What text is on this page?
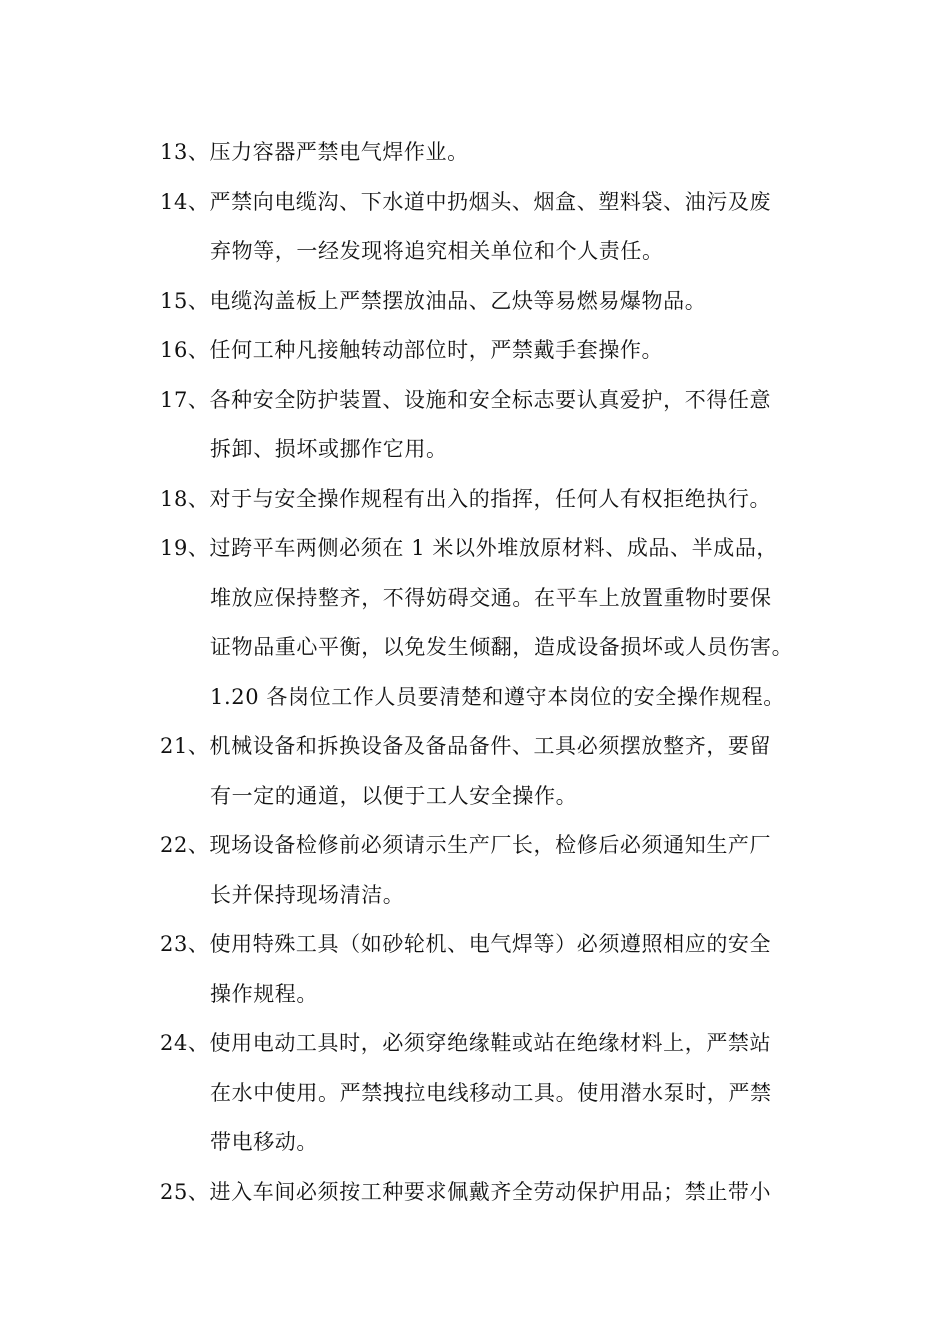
13、压力容器严禁电气焊作业。
14、严禁向电缆沟、下水道中扔烟头、烟盒、塑料袋、油污及废
弃物等，一经发现将追究相关单位和个人责任。
15、电缆沟盖板上严禁摆放油品、乙炔等易燃易爆物品。
16、任何工种凡接触转动部位时，严禁戴手套操作。
17、各种安全防护装置、设施和安全标志要认真爱护，不得任意
拆卸、损坏或挪作它用。
18、对于与安全操作规程有出入的指挥，任何人有权拒绝执行。
19、过跨平车两侧必须在 1 米以外堆放原材料、成品、半成品，
堆放应保持整齐，不得妨碍交通。在平车上放置重物时要保
证物品重心平衡，以免发生倾翻，造成设备损坏或人员伤害。
1.20 各岗位工作人员要清楚和遵守本岗位的安全操作规程。
21、机械设备和拆换设备及备品备件、工具必须摆放整齐，要留
有一定的通道，以便于工人安全操作。
22、现场设备检修前必须请示生产厂长，检修后必须通知生产厂
长并保持现场清洁。
23、使用特殊工具（如砂轮机、电气焊等）必须遵照相应的安全
操作规程。
24、使用电动工具时，必须穿绝缘鞋或站在绝缘材料上，严禁站
在水中使用。严禁拽拉电线移动工具。使用潜水泵时，严禁
带电移动。
25、进入车间必须按工种要求佩戴齐全劳动保护用品；禁止带小
